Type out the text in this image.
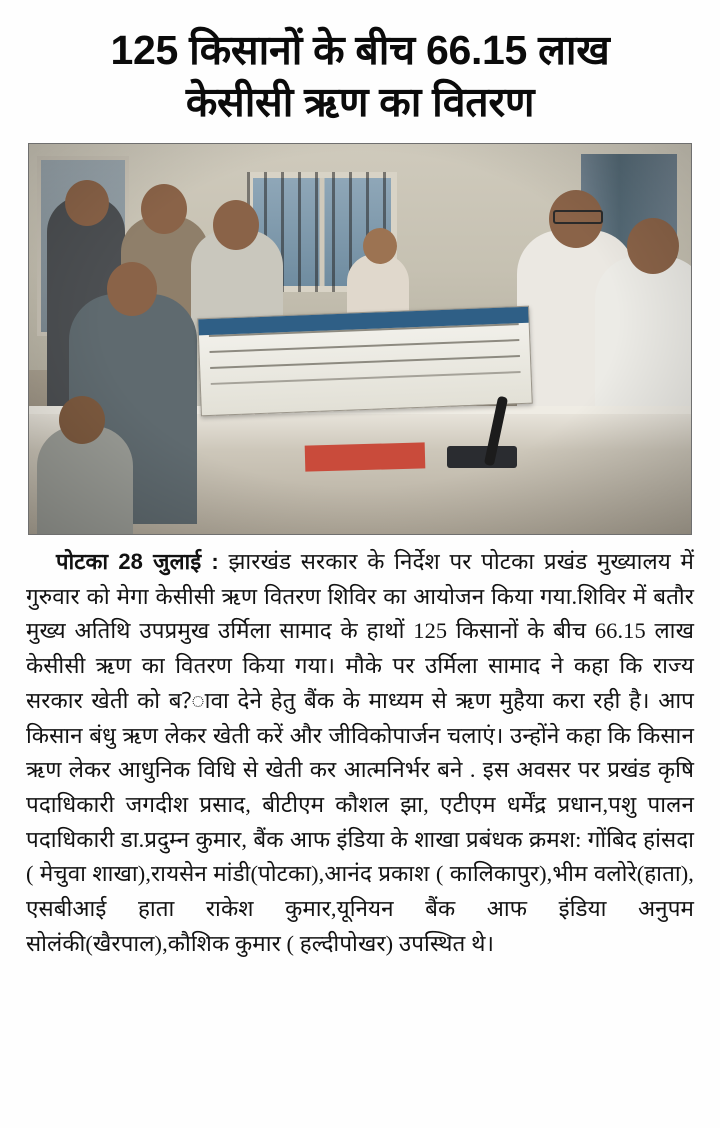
125 किसानों के बीच 66.15 लाख
केसीसी ऋण का वितरण

पोटका 28 जुलाई : झारखंड सरकार के निर्देश पर पोटका प्रखंड मुख्यालय में गुरुवार को मेगा केसीसी ऋण वितरण शिविर का आयोजन किया गया.शिविर में बतौर मुख्य अतिथि उपप्रमुख उर्मिला सामाद के हाथों 125 किसानों के बीच 66.15 लाख केसीसी ऋण का वितरण किया गया। मौके पर उर्मिला सामाद ने कहा कि राज्य सरकार खेती को ब?ावा देने हेतु बैंक के माध्यम से ऋण मुहैया करा रही है। आप किसान बंधु ऋण लेकर खेती करें और जीविकोपार्जन चलाएं। उन्होंने कहा कि किसान ऋण लेकर आधुनिक विधि से खेती कर आत्मनिर्भर बने . इस अवसर पर प्रखंड कृषि पदाधिकारी जगदीश प्रसाद, बीटीएम कौशल झा, एटीएम धर्मेंद्र प्रधान,पशु पालन पदाधिकारी डा.प्रदुम्न कुमार, बैंक आफ इंडिया के शाखा प्रबंधक क्रमश: गोंबिद हांसदा ( मेचुवा शाखा),रायसेन मांडी(पोटका),आनंद प्रकाश ( कालिकापुर),भीम वलोरे(हाता), एसबीआई हाता राकेश कुमार,यूनियन बैंक आफ इंडिया अनुपम सोलंकी(खैरपाल),कौशिक कुमार ( हल्दीपोखर) उपस्थित थे।
